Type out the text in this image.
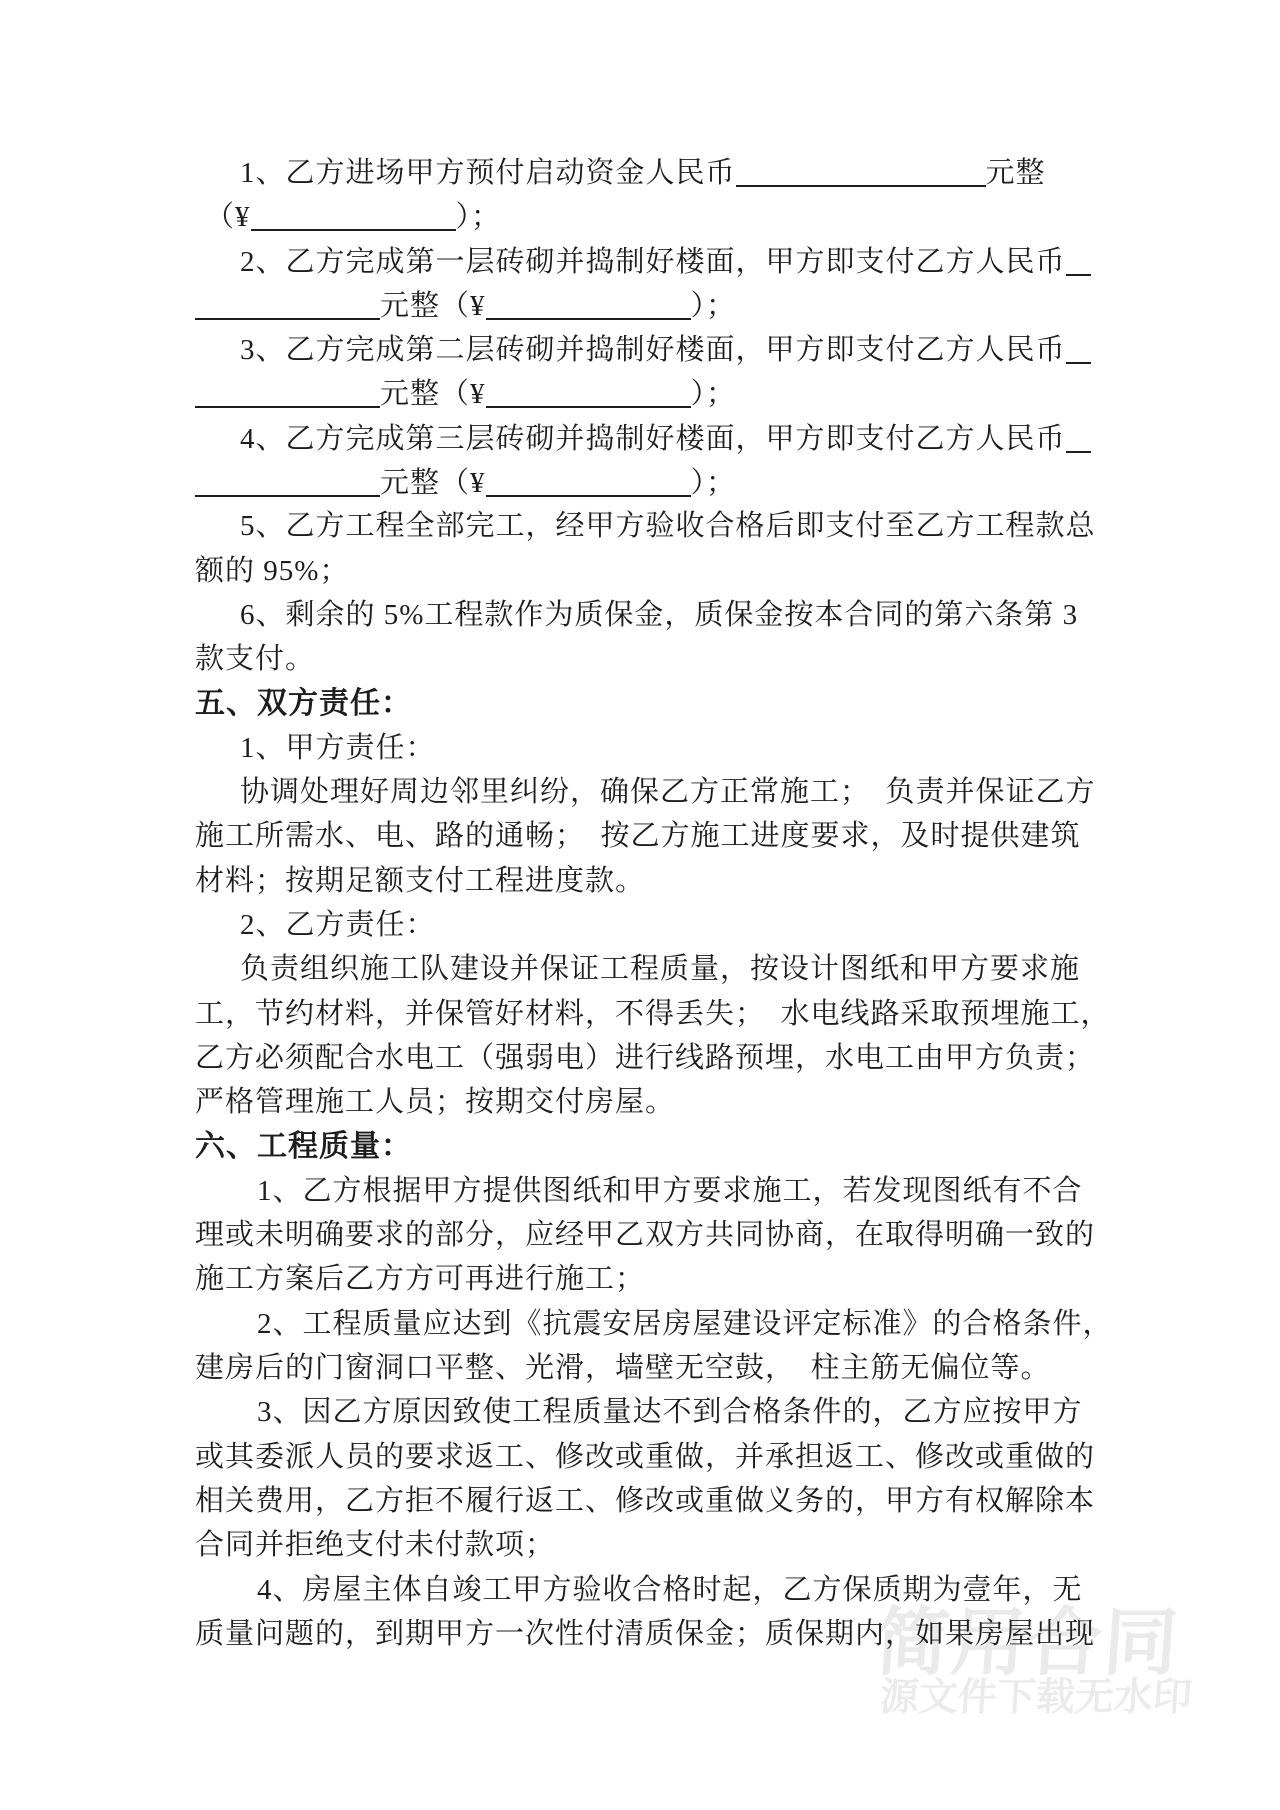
简用合同
源文件下载无水印
1、乙方进场甲方预付启动资金人民币	元整
（¥	）；
2、乙方完成第一层砖砌并捣制好楼面，甲方即支付乙方人民币
元整（¥	）；
3、乙方完成第二层砖砌并捣制好楼面，甲方即支付乙方人民币
元整（¥	）；
4、乙方完成第三层砖砌并捣制好楼面，甲方即支付乙方人民币
元整（¥	）；
5、乙方工程全部完工，经甲方验收合格后即支付至乙方工程款总
额的 95%；
6、剩余的 5%工程款作为质保金，质保金按本合同的第六条第 3
款支付。
五、双方责任：
1、甲方责任：
协调处理好周边邻里纠纷，确保乙方正常施工；　负责并保证乙方
施工所需水、电、路的通畅；　按乙方施工进度要求，及时提供建筑
材料；按期足额支付工程进度款。
2、乙方责任：
负责组织施工队建设并保证工程质量，按设计图纸和甲方要求施
工，节约材料，并保管好材料，不得丢失；　水电线路采取预埋施工，
乙方必须配合水电工（强弱电）进行线路预埋，水电工由甲方负责；
严格管理施工人员；按期交付房屋。
六、工程质量：
1、乙方根据甲方提供图纸和甲方要求施工，若发现图纸有不合
理或未明确要求的部分，应经甲乙双方共同协商，在取得明确一致的
施工方案后乙方方可再进行施工；
2、工程质量应达到《抗震安居房屋建设评定标准》的合格条件，
建房后的门窗洞口平整、光滑，墙壁无空鼓，　柱主筋无偏位等。
3、因乙方原因致使工程质量达不到合格条件的，乙方应按甲方
或其委派人员的要求返工、修改或重做，并承担返工、修改或重做的
相关费用，乙方拒不履行返工、修改或重做义务的，甲方有权解除本
合同并拒绝支付未付款项；
4、房屋主体自竣工甲方验收合格时起，乙方保质期为壹年，无
质量问题的，到期甲方一次性付清质保金；质保期内，如果房屋出现
